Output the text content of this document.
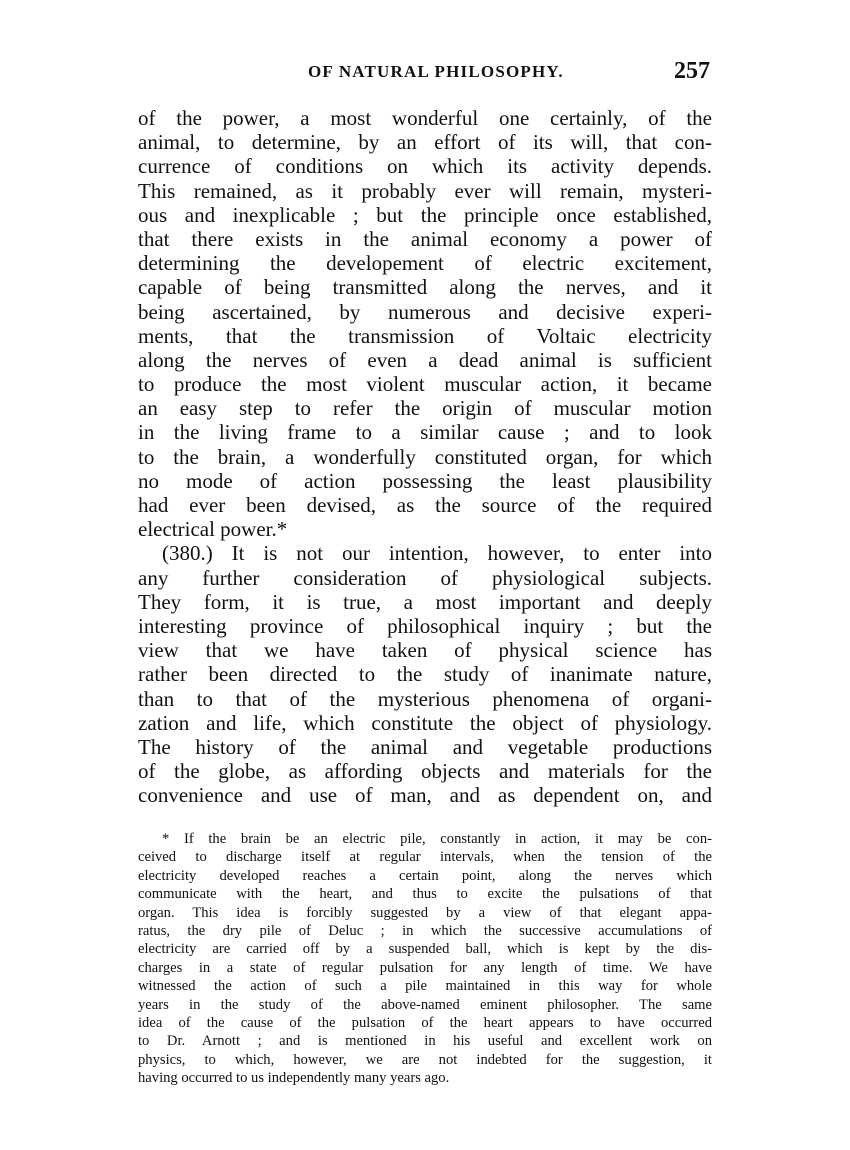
OF NATURAL PHILOSOPHY.	257
of the power, a most wonderful one certainly, of the
animal, to determine, by an effort of its will, that con-
currence of conditions on which its activity depends.
This remained, as it probably ever will remain, mysteri-
ous and inexplicable ; but the principle once established,
that there exists in the animal economy a power of
determining the developement of electric excitement,
capable of being transmitted along the nerves, and it
being ascertained, by numerous and decisive experi-
ments, that the transmission of Voltaic electricity
along the nerves of even a dead animal is sufficient
to produce the most violent muscular action, it became
an easy step to refer the origin of muscular motion
in the living frame to a similar cause ; and to look
to the brain, a wonderfully constituted organ, for which
no mode of action possessing the least plausibility
had ever been devised, as the source of the required
electrical power.*
(380.) It is not our intention, however, to enter into
any further consideration of physiological subjects.
They form, it is true, a most important and deeply
interesting province of philosophical inquiry ; but the
view that we have taken of physical science has
rather been directed to the study of inanimate nature,
than to that of the mysterious phenomena of organi-
zation and life, which constitute the object of physiology.
The history of the animal and vegetable productions
of the globe, as affording objects and materials for the
convenience and use of man, and as dependent on, and
* If the brain be an electric pile, constantly in action, it may be con-
ceived to discharge itself at regular intervals, when the tension of the
electricity developed reaches a certain point, along the nerves which
communicate with the heart, and thus to excite the pulsations of that
organ. This idea is forcibly suggested by a view of that elegant appa-
ratus, the dry pile of Deluc ; in which the successive accumulations of
electricity are carried off by a suspended ball, which is kept by the dis-
charges in a state of regular pulsation for any length of time. We have
witnessed the action of such a pile maintained in this way for whole
years in the study of the above-named eminent philosopher. The same
idea of the cause of the pulsation of the heart appears to have occurred
to Dr. Arnott ; and is mentioned in his useful and excellent work on
physics, to which, however, we are not indebted for the suggestion, it
having occurred to us independently many years ago.
